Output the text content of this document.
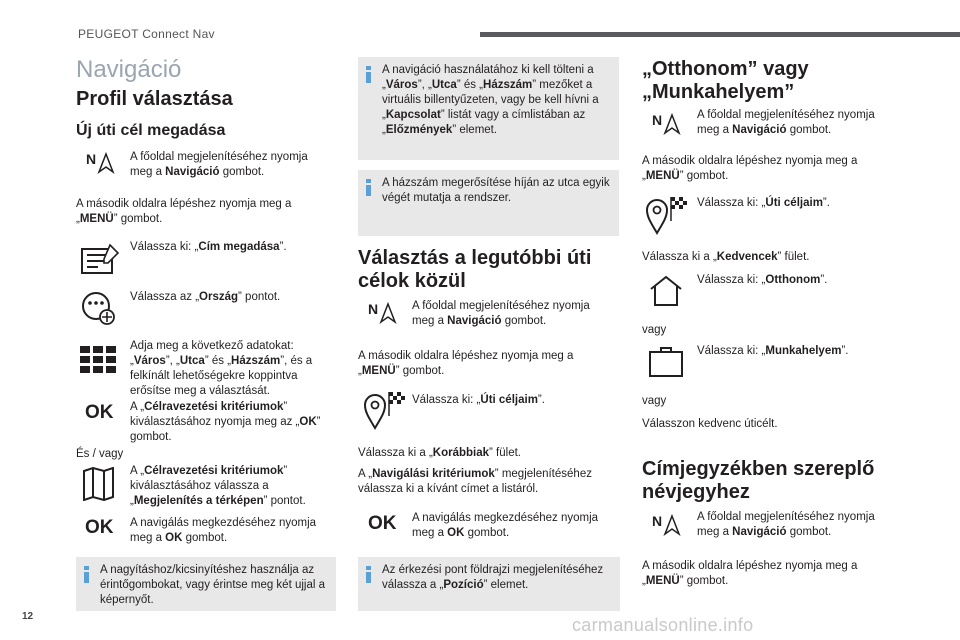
PEUGEOT Connect Nav
12	carmanualsonline.info
Navigáció
Profil választása
Új úti cél megadása
N	A főoldal megjelenítéséhez nyomja meg a Navigáció gombot.
A második oldalra lépéshez nyomja meg a „MENÜ” gombot.
Válassza ki: „Cím megadása”.
Válassza az „Ország” pontot.
Adja meg a következő adatokat: „Város”, „Utca” és „Házszám”, és a felkínált lehetőségekre koppintva erősítse meg a választását.
OK A „Célravezetési kritériumok” kiválasztásához nyomja meg az „OK” gombot.
És / vagy
A „Célravezetési kritériumok” kiválasztásához válassza a „Megjelenítés a térképen” pontot.
OK A navigálás megkezdéséhez nyomja meg a OK gombot.
A nagyításhoz/kicsinyítéshez használja az érintőgombokat, vagy érintse meg két ujjal a képernyőt.
A navigáció használatához ki kell tölteni a „Város”, „Utca” és „Házszám” mezőket a virtuális billentyűzeten, vagy be kell hívni a „Kapcsolat” listát vagy a címlistában az „Előzmények” elemet.
A házszám megerősítése híján az utca egyik végét mutatja a rendszer.
Választás a legutóbbi úti célok közül
N	A főoldal megjelenítéséhez nyomja meg a Navigáció gombot.
A második oldalra lépéshez nyomja meg a „MENÜ” gombot.
Válassza ki: „Úti céljaim”.
Válassza ki a „Korábbiak” fület.
A „Navigálási kritériumok” megjelenítéséhez válassza ki a kívánt címet a listáról.
OK A navigálás megkezdéséhez nyomja meg a OK gombot.
Az érkezési pont földrajzi megjelenítéséhez válassza a „Pozíció” elemet.
„Otthonom” vagy „Munkahelyem”
N	A főoldal megjelenítéséhez nyomja meg a Navigáció gombot.
A második oldalra lépéshez nyomja meg a „MENÜ” gombot.
Válassza ki: „Úti céljaim”.
Válassza ki a „Kedvencek” fület.
Válassza ki: „Otthonom”.
vagy
Válassza ki: „Munkahelyem”.
vagy
Válasszon kedvenc úticélt.
Címjegyzékben szereplő névjegyhez
N	A főoldal megjelenítéséhez nyomja meg a Navigáció gombot.
A második oldalra lépéshez nyomja meg a „MENÜ” gombot.
